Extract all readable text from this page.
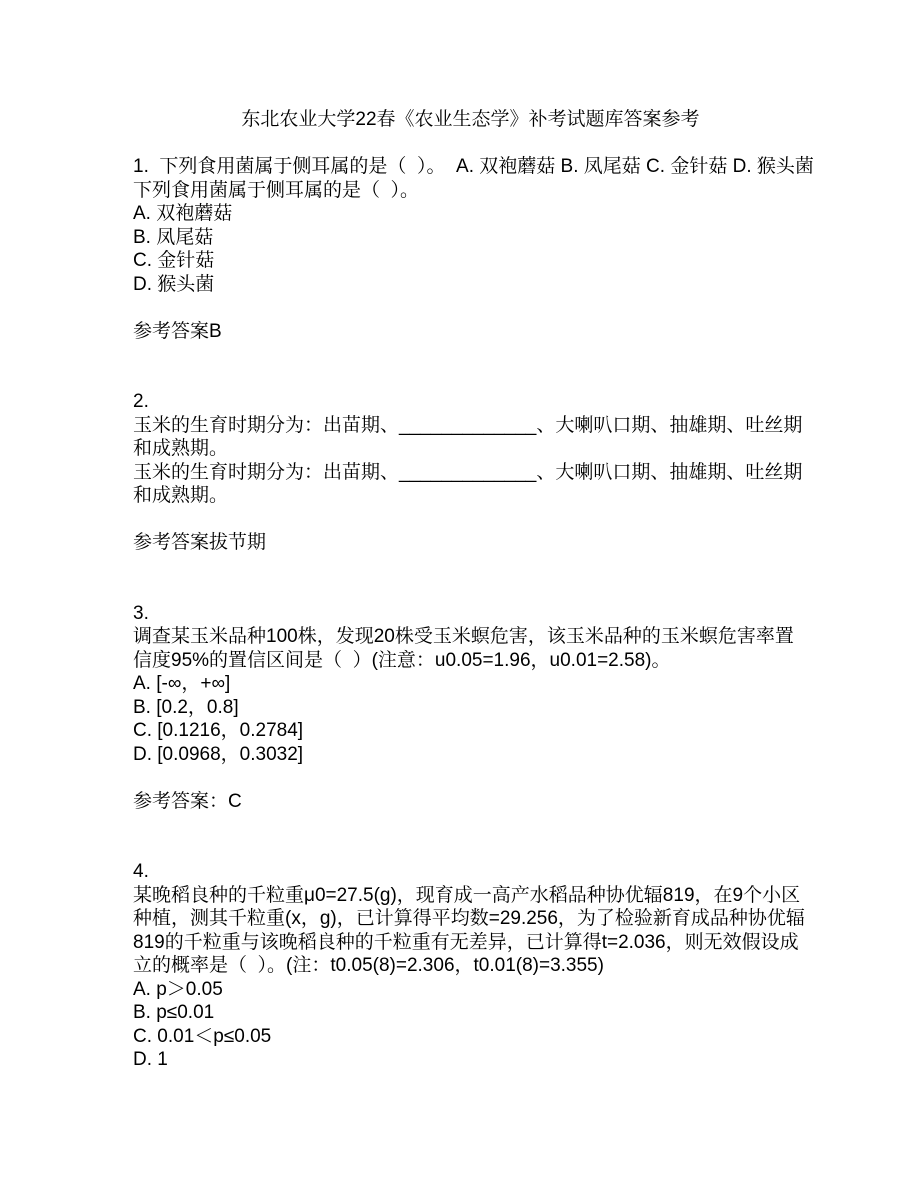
东北农业大学22春《农业生态学》补考试题库答案参考

1.  下列食用菌属于侧耳属的是（  ）。  A. 双袍蘑菇 B. 凤尾菇 C. 金针菇 D. 猴头菌

下列食用菌属于侧耳属的是（  ）。

A. 双袍蘑菇

B. 凤尾菇

C. 金针菇

D. 猴头菌

参考答案B

2.

玉米的生育时期分为：出苗期、_____________、大喇叭口期、抽雄期、吐丝期和成熟期。

玉米的生育时期分为：出苗期、_____________、大喇叭口期、抽雄期、吐丝期和成熟期。

参考答案拔节期

3.

调查某玉米品种100株，发现20株受玉米螟危害，该玉米品种的玉米螟危害率置信度95%的置信区间是（  ）(注意：u0.05=1.96，u0.01=2.58)。

A. [-∞，+∞]

B. [0.2，0.8]

C. [0.1216，0.2784]

D. [0.0968，0.3032]

参考答案：C

4.

某晚稻良种的千粒重μ0=27.5(g)，现育成一高产水稻品种协优辐819，在9个小区种植，测其千粒重(x，g)，已计算得平均数=29.256，为了检验新育成品种协优辐819的千粒重与该晚稻良种的千粒重有无差异，已计算得t=2.036，则无效假设成立的概率是（  ）。(注：t0.05(8)=2.306，t0.01(8)=3.355)

A. p＞0.05

B. p≤0.01

C. 0.01＜p≤0.05

D. 1
